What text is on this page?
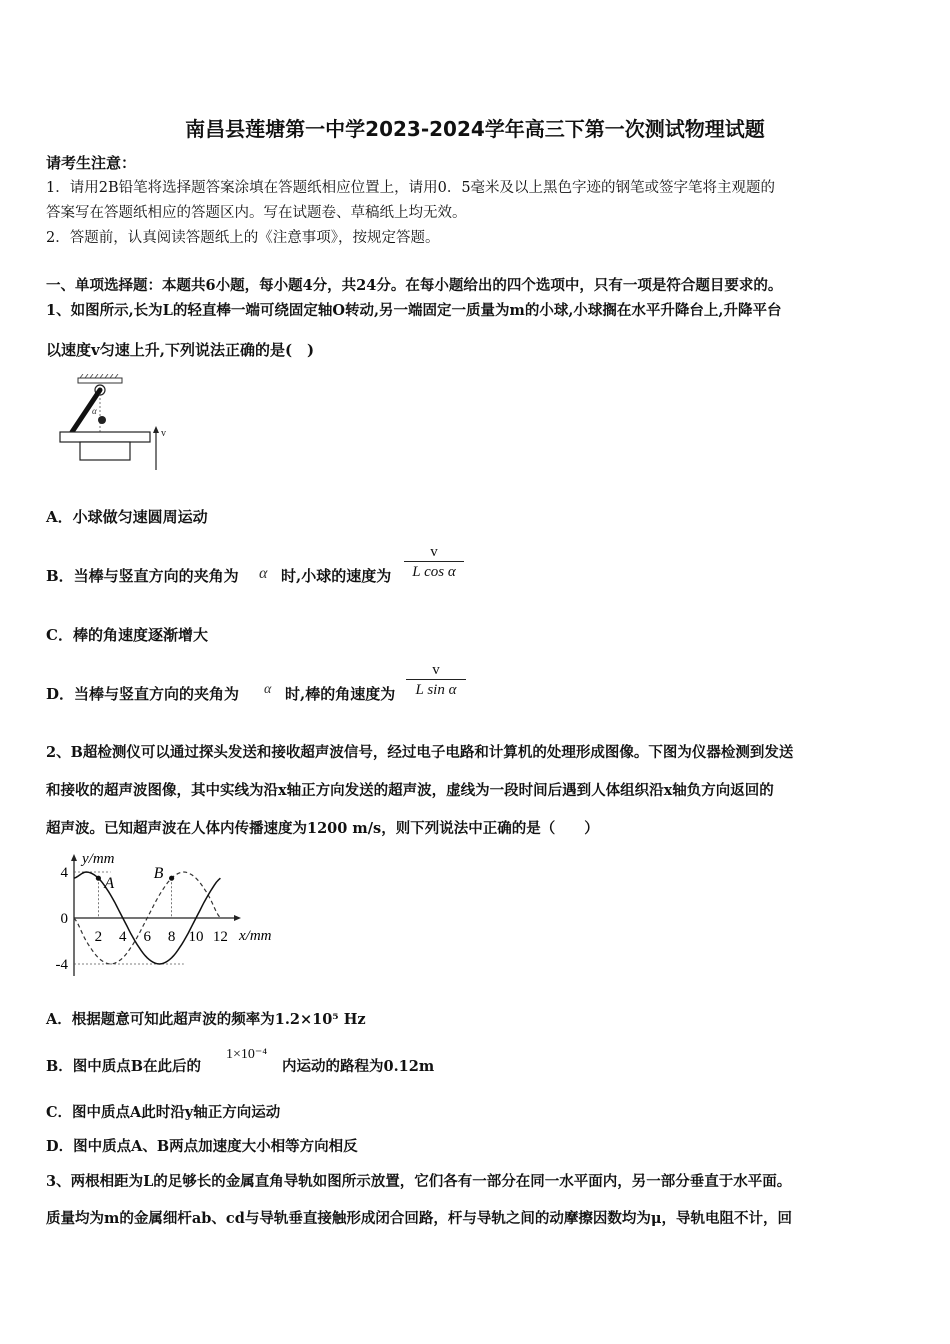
南昌县莲塘第一中学2023-2024学年高三下第一次测试物理试题
请考生注意：
1．请用2B铅笔将选择题答案涂填在答题纸相应位置上，请用0．5毫米及以上黑色字迹的钢笔或签字笔将主观题的
答案写在答题纸相应的答题区内。写在试题卷、草稿纸上均无效。
2．答题前，认真阅读答题纸上的《注意事项》，按规定答题。
一、单项选择题：本题共6小题，每小题4分，共24分。在每小题给出的四个选项中，只有一项是符合题目要求的。
1、如图所示,长为L的轻直棒一端可绕固定轴O转动,另一端固定一质量为m的小球,小球搁在水平升降台上,升降平台
以速度v匀速上升,下列说法正确的是(　)
α
v
A．小球做匀速圆周运动
B．当棒与竖直方向的夹角为 α 时,小球的速度为
v
L cos α
C．棒的角速度逐渐增大
D．当棒与竖直方向的夹角为 α 时,棒的角速度为
v
L sin α
2、B超检测仪可以通过探头发送和接收超声波信号，经过电子电路和计算机的处理形成图像。下图为仪器检测到发送
和接收的超声波图像，其中实线为沿x轴正方向发送的超声波，虚线为一段时间后遇到人体组织沿x轴负方向返回的
超声波。已知超声波在人体内传播速度为1200 m/s，则下列说法中正确的是（　　）
y/mm
x/mm
4
0
-4
2 4 6 8 10 12
A
B
A．根据题意可知此超声波的频率为1.2×10⁵ Hz
B．图中质点B在此后的
1×10⁻⁴
内运动的路程为0.12m
C．图中质点A此时沿y轴正方向运动
D．图中质点A、B两点加速度大小相等方向相反
3、两根相距为L的足够长的金属直角导轨如图所示放置，它们各有一部分在同一水平面内，另一部分垂直于水平面。
质量均为m的金属细杆ab、cd与导轨垂直接触形成闭合回路，杆与导轨之间的动摩擦因数均为μ，导轨电阻不计，回
